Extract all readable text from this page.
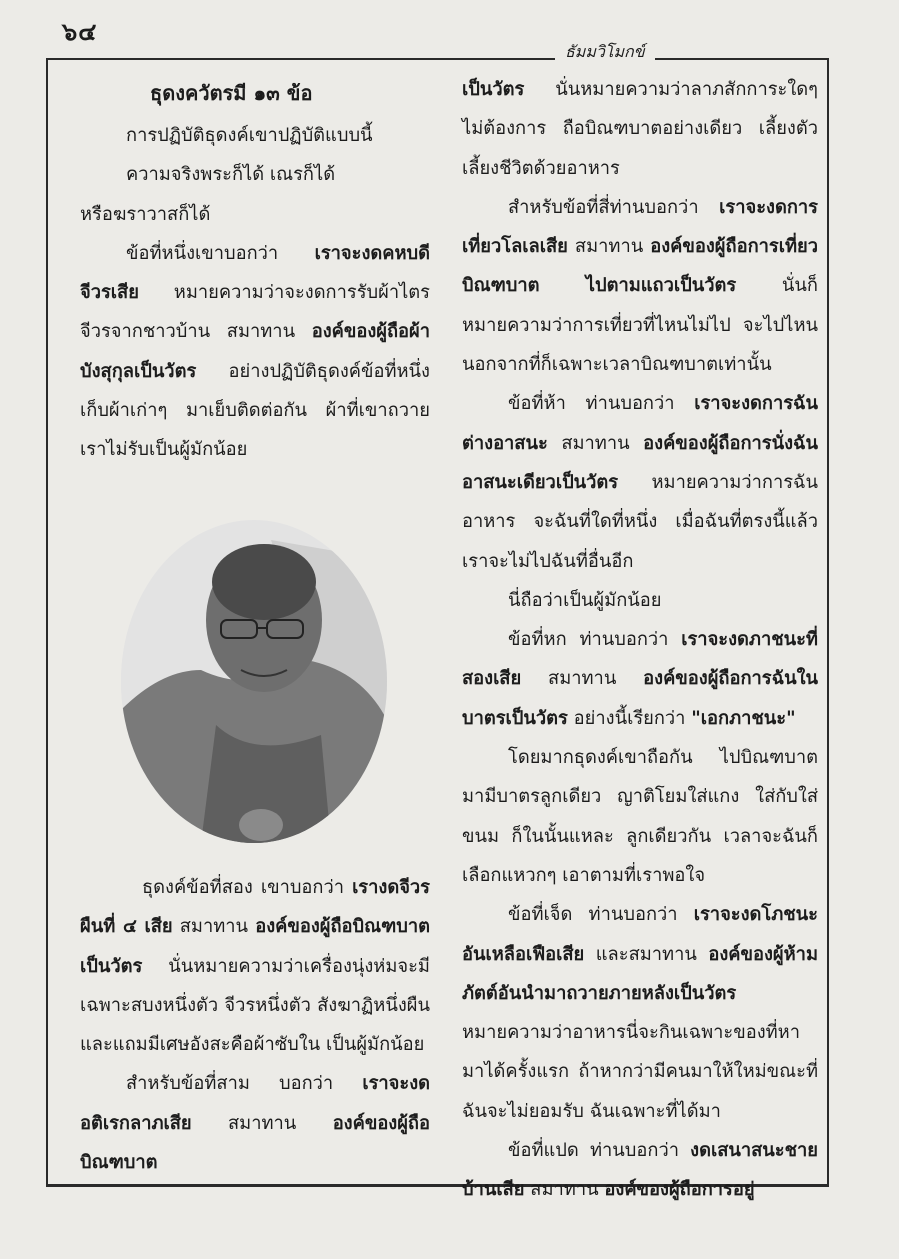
๖๔
ธัมมวิโมกข์

ธุดงควัตรมี ๑๓ ข้อ

การปฏิบัติธุดงค์เขาปฏิบัติแบบนี้

ความจริงพระก็ได้ เณรก็ได้

หรือฆราวาสก็ได้

ข้อที่หนึ่งเขาบอกว่า เราจะงดคหบดีจีวรเสีย หมายความว่าจะงดการรับผ้าไตรจีวรจากชาวบ้าน สมาทาน องค์ของผู้ถือผ้าบังสุกุลเป็นวัตร อย่างปฏิบัติธุดงค์ข้อที่หนึ่ง เก็บผ้าเก่าๆ มาเย็บติดต่อกัน ผ้าที่เขาถวายเราไม่รับเป็นผู้มักน้อย

ธุดงค์ข้อที่สอง เขาบอกว่า เรางดจีวรผืนที่ ๔ เสีย สมาทาน องค์ของผู้ถือบิณฑบาตเป็นวัตร นั่นหมายความว่าเครื่องนุ่งห่มจะมีเฉพาะสบงหนึ่งตัว จีวรหนึ่งตัว สังฆาฏิหนึ่งผืน และแถมมีเศษอังสะคือผ้าซับใน เป็นผู้มักน้อย

สำหรับข้อที่สาม บอกว่า เราจะงดอติเรกลาภเสีย สมาทาน องค์ของผู้ถือบิณฑบาต

เป็นวัตร นั่นหมายความว่าลาภสักการะใดๆ ไม่ต้องการ ถือบิณฑบาตอย่างเดียว เลี้ยงตัวเลี้ยงชีวิตด้วยอาหาร

สำหรับข้อที่สี่ท่านบอกว่า เราจะงดการเที่ยวโลเลเสีย สมาทาน องค์ของผู้ถือการเที่ยวบิณฑบาต ไปตามแถวเป็นวัตร นั่นก็หมายความว่าการเที่ยวที่ไหนไม่ไป จะไปไหนนอกจากที่ก็เฉพาะเวลาบิณฑบาตเท่านั้น

ข้อที่ห้า ท่านบอกว่า เราจะงดการฉันต่างอาสนะ สมาทาน องค์ของผู้ถือการนั่งฉันอาสนะเดียวเป็นวัตร หมายความว่าการฉันอาหาร จะฉันที่ใดที่หนึ่ง เมื่อฉันที่ตรงนี้แล้วเราจะไม่ไปฉันที่อื่นอีก

นี่ถือว่าเป็นผู้มักน้อย

ข้อที่หก ท่านบอกว่า เราจะงดภาชนะที่สองเสีย สมาทาน องค์ของผู้ถือการฉันในบาตรเป็นวัตร อย่างนี้เรียกว่า "เอกภาชนะ"

โดยมากธุดงค์เขาถือกัน ไปบิณฑบาตมามีบาตรลูกเดียว ญาติโยมใส่แกง ใส่กับใส่ขนม ก็ในนั้นแหละ ลูกเดียวกัน เวลาจะฉันก็เลือกแหวกๆ เอาตามที่เราพอใจ

ข้อที่เจ็ด ท่านบอกว่า เราจะงดโภชนะอันเหลือเฟือเสีย และสมาทาน องค์ของผู้ห้ามภัตต์อันนำมาถวายภายหลังเป็นวัตร หมายความว่าอาหารนี่จะกินเฉพาะของที่หามาได้ครั้งแรก ถ้าหากว่ามีคนมาให้ใหม่ขณะที่ฉันจะไม่ยอมรับ ฉันเฉพาะที่ได้มา

ข้อที่แปด ท่านบอกว่า งดเสนาสนะชายบ้านเสีย สมาทาน องค์ของผู้ถือการอยู่
